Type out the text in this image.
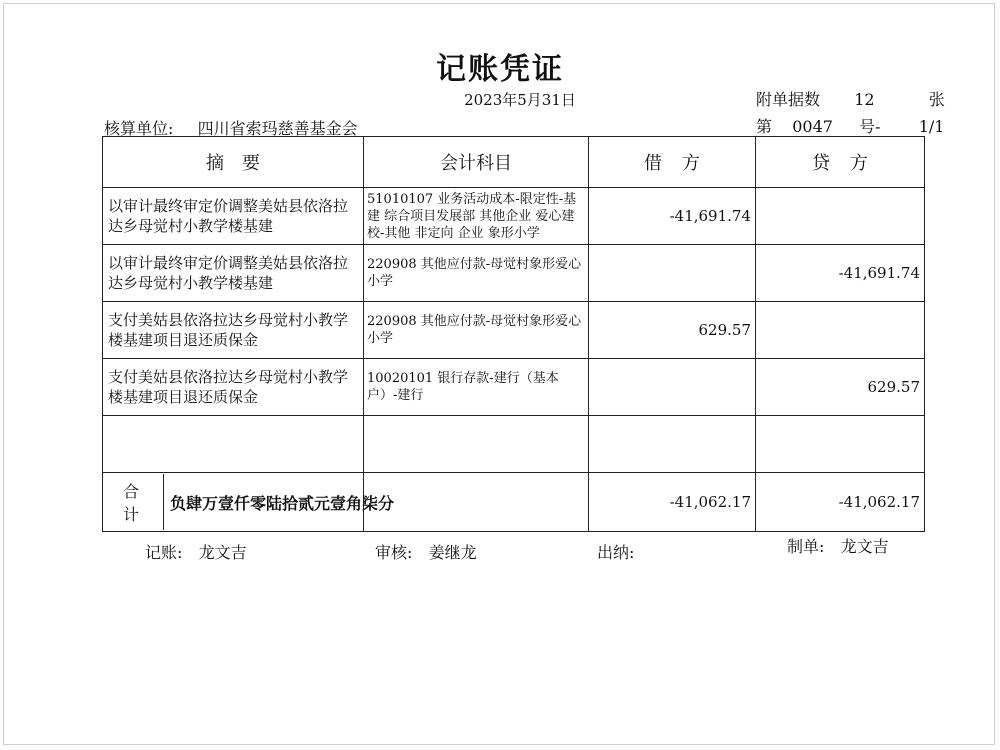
记账凭证
2023年5月31日	附单据数 12	张
核算单位: 四川省索玛慈善基金会	第 0047 号- 1/1
摘要	会计科目	借方	贷方
以审计最终审定价调整美姑县依洛拉达乡母觉村小教学楼基建	51010107 业务活动成本-限定性-基建 综合项目发展部 其他企业 爱心建校-其他 非定向 企业 象形小学	-41,691.74	
以审计最终审定价调整美姑县依洛拉达乡母觉村小教学楼基建	220908 其他应付款-母觉村象形爱心小学		-41,691.74
支付美姑县依洛拉达乡母觉村小教学楼基建项目退还质保金	220908 其他应付款-母觉村象形爱心小学	629.57	
支付美姑县依洛拉达乡母觉村小教学楼基建项目退还质保金	10020101 银行存款-建行（基本户）-建行		629.57

合计
负肆万壹仟零陆拾贰元壹角柒分		-41,062.17	-41,062.17
记账: 龙文吉	审核: 姜继龙	出纳:	制单: 龙文吉
